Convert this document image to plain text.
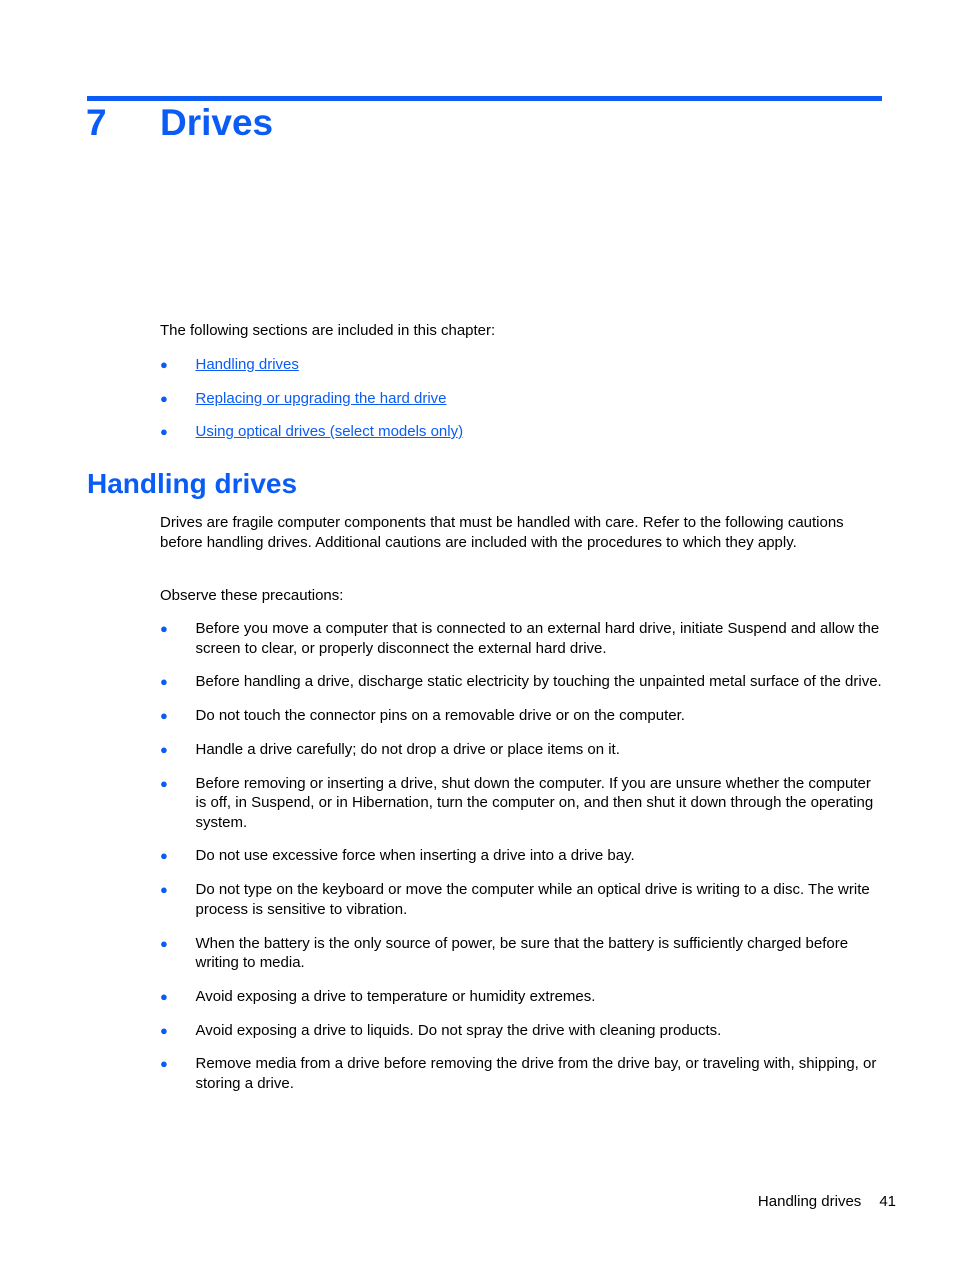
7 Drives

The following sections are included in this chapter:

● Handling drives
● Replacing or upgrading the hard drive
● Using optical drives (select models only)
Handling drives

Drives are fragile computer components that must be handled with care. Refer to the following cautions before handling drives. Additional cautions are included with the procedures to which they apply.

Observe these precautions:

● Before you move a computer that is connected to an external hard drive, initiate Suspend and allow the screen to clear, or properly disconnect the external hard drive.
● Before handling a drive, discharge static electricity by touching the unpainted metal surface of the drive.
● Do not touch the connector pins on a removable drive or on the computer.
● Handle a drive carefully; do not drop a drive or place items on it.
● Before removing or inserting a drive, shut down the computer. If you are unsure whether the computer is off, in Suspend, or in Hibernation, turn the computer on, and then shut it down through the operating system.
● Do not use excessive force when inserting a drive into a drive bay.
● Do not type on the keyboard or move the computer while an optical drive is writing to a disc. The write process is sensitive to vibration.
● When the battery is the only source of power, be sure that the battery is sufficiently charged before writing to media.
● Avoid exposing a drive to temperature or humidity extremes.
● Avoid exposing a drive to liquids. Do not spray the drive with cleaning products.
● Remove media from a drive before removing the drive from the drive bay, or traveling with, shipping, or storing a drive.
Handling drives 41
